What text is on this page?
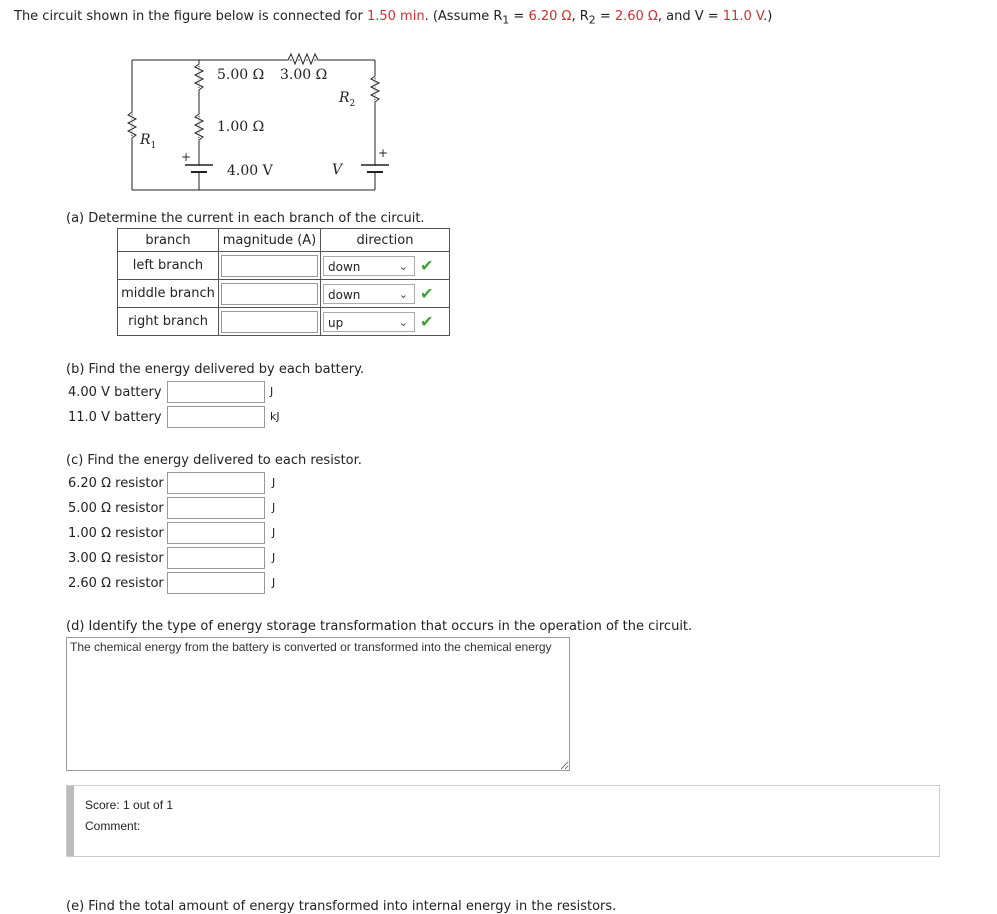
The circuit shown in the figure below is connected for 1.50 min. (Assume $R_1 = 6.20$ Ω, $R_2 = 2.60$ Ω, and V = 11.0 V.)
5.00 Ω 3.00 Ω
1.00 Ω
4.00 V
$R_1$
$R_2$
V
+	+
(a) Determine the current in each branch of the circuit.
branch	magnitude (A)	direction
left branch		down ⌄ ✔

middle branch		down ⌄ ✔

right branch		up ⌄ ✔
(b) Find the energy delivered by each battery.
4.00 V battery	J
11.0 V battery	kJ
(c) Find the energy delivered to each resistor.
6.20 Ω resistor	J
5.00 Ω resistor	J
1.00 Ω resistor	J
3.00 Ω resistor	J
2.60 Ω resistor	J
(d) Identify the type of energy storage transformation that occurs in the operation of the circuit.
The chemical energy from the battery is converted or transformed into the chemical energy
Score: 1 out of 1
Comment:
(e) Find the total amount of energy transformed into internal energy in the resistors.
